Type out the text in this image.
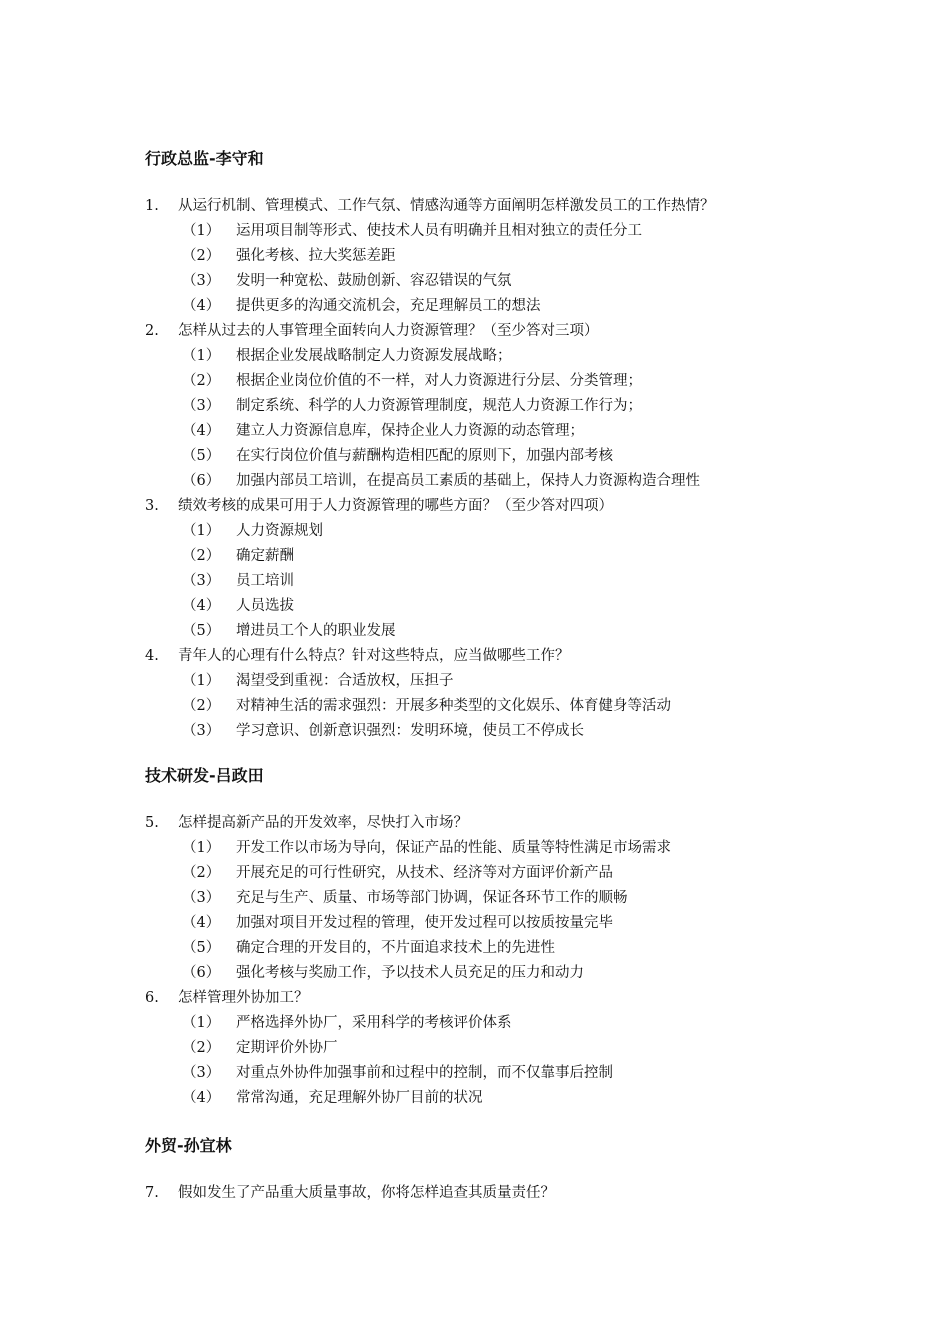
行政总监-李守和
1. 从运行机制、管理模式、工作气氛、情感沟通等方面阐明怎样激发员工的工作热情？
（1） 运用项目制等形式、使技术人员有明确并且相对独立的责任分工
（2） 强化考核、拉大奖惩差距
（3） 发明一种宽松、鼓励创新、容忍错误的气氛
（4） 提供更多的沟通交流机会，充足理解员工的想法
2. 怎样从过去的人事管理全面转向人力资源管理？（至少答对三项）
（1） 根据企业发展战略制定人力资源发展战略；
（2） 根据企业岗位价值的不一样，对人力资源进行分层、分类管理；
（3） 制定系统、科学的人力资源管理制度，规范人力资源工作行为；
（4） 建立人力资源信息库，保持企业人力资源的动态管理；
（5） 在实行岗位价值与薪酬构造相匹配的原则下，加强内部考核
（6） 加强内部员工培训，在提高员工素质的基础上，保持人力资源构造合理性
3. 绩效考核的成果可用于人力资源管理的哪些方面？（至少答对四项）
（1） 人力资源规划
（2） 确定薪酬
（3） 员工培训
（4） 人员选拔
（5） 增进员工个人的职业发展
4. 青年人的心理有什么特点？针对这些特点，应当做哪些工作？
（1） 渴望受到重视：合适放权，压担子
（2） 对精神生活的需求强烈：开展多种类型的文化娱乐、体育健身等活动
（3） 学习意识、创新意识强烈：发明环境，使员工不停成长
技术研发-吕政田
5. 怎样提高新产品的开发效率，尽快打入市场？
（1） 开发工作以市场为导向，保证产品的性能、质量等特性满足市场需求
（2） 开展充足的可行性研究，从技术、经济等对方面评价新产品
（3） 充足与生产、质量、市场等部门协调，保证各环节工作的顺畅
（4） 加强对项目开发过程的管理，使开发过程可以按质按量完毕
（5） 确定合理的开发目的，不片面追求技术上的先进性
（6） 强化考核与奖励工作，予以技术人员充足的压力和动力
6. 怎样管理外协加工？
（1） 严格选择外协厂，采用科学的考核评价体系
（2） 定期评价外协厂
（3） 对重点外协件加强事前和过程中的控制，而不仅靠事后控制
（4） 常常沟通，充足理解外协厂目前的状况
外贸-孙宜林
7. 假如发生了产品重大质量事故，你将怎样追查其质量责任？
